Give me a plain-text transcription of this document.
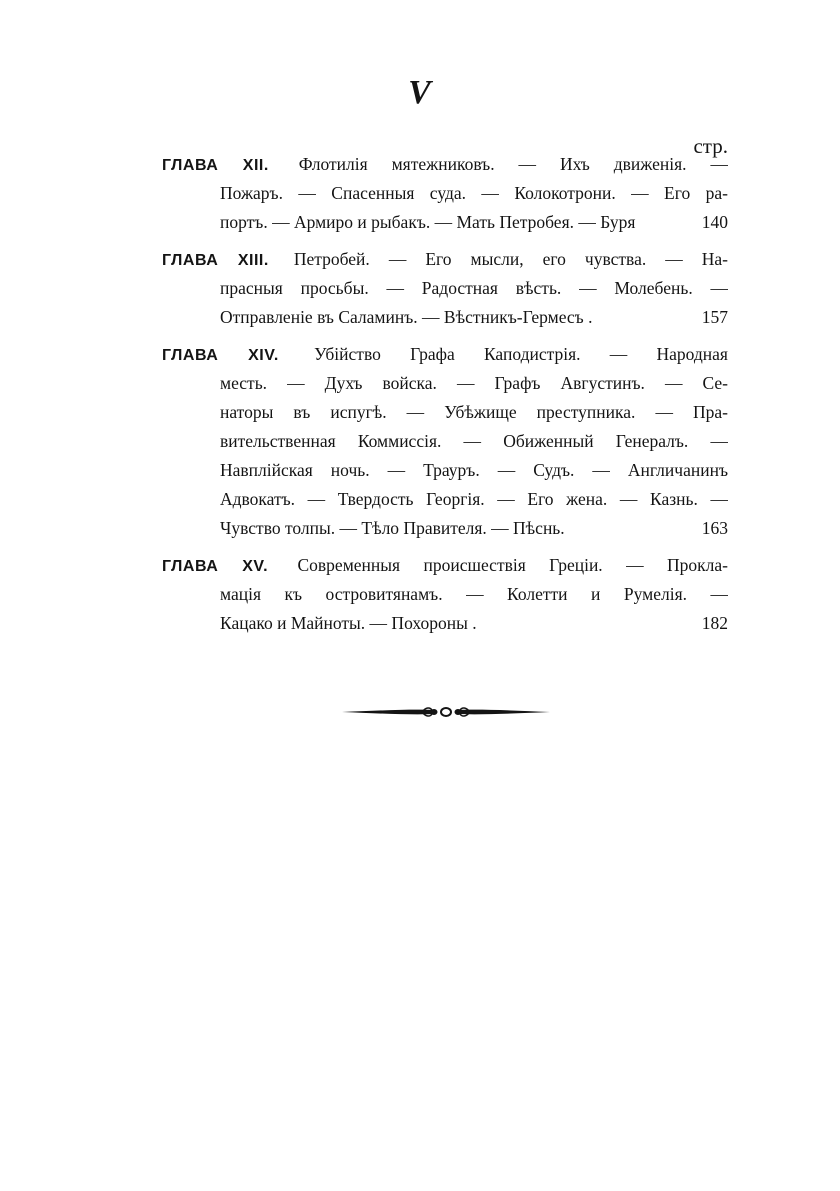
V
стр.
ГЛАВА XII. Флотилія мятежниковъ. — Ихъ движенія. —
Пожаръ. — Спасенныя суда. — Колокотрони. — Его ра-
портъ. — Армиро и рыбакъ. — Мать Петробея. — Буря	140
ГЛАВА XIII. Петробей. — Его мысли, его чувства. — На-
прасныя просьбы. — Радостная вѣсть. — Молебень. —
Отправленіе въ Саламинъ. — Вѣстникъ-Гермесъ .	157
ГЛАВА XIV. Убійство Графа Каподистрія. — Народная
месть. — Духъ войска. — Графъ Августинъ. — Се-
наторы въ испугѣ. — Убѣжище преступника. — Пра-
вительственная Коммиссія. — Обиженный Генералъ. —
Навплійская ночь. — Трауръ. — Судъ. — Англичанинъ
Адвокатъ. — Твердость Георгія. — Его жена. — Казнь. —
Чувство толпы. — Тѣло Правителя. — Пѣснь.	163
ГЛАВА XV. Современныя происшествія Греціи. — Прокла-
мація къ островитянамъ. — Колетти и Румелія. —
Кацако и Майноты. — Похороны .	182
